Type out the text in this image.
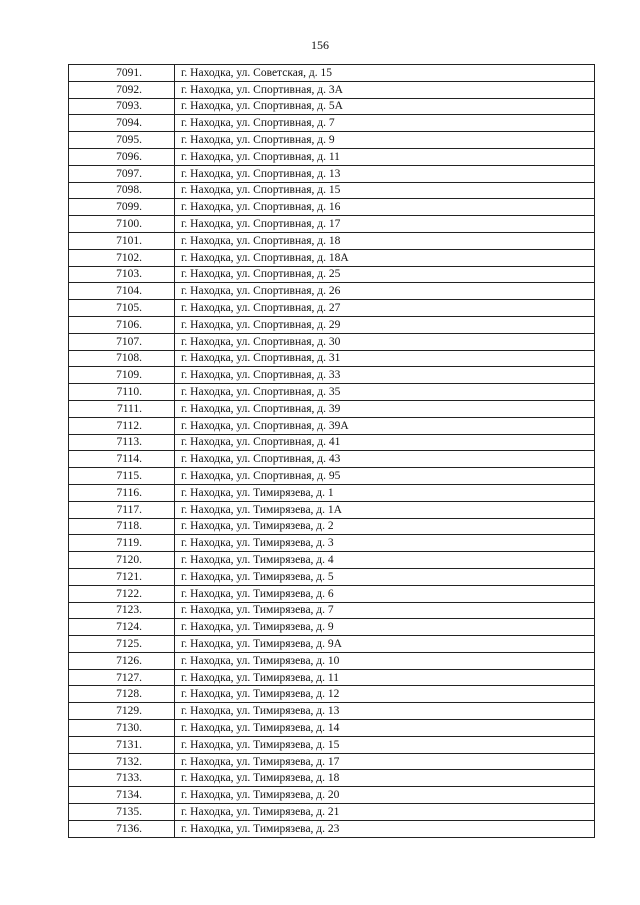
156
7091.	г. Находка, ул. Советская, д. 15
7092.	г. Находка, ул. Спортивная, д. 3А
7093.	г. Находка, ул. Спортивная, д. 5А
7094.	г. Находка, ул. Спортивная, д. 7
7095.	г. Находка, ул. Спортивная, д. 9
7096.	г. Находка, ул. Спортивная, д. 11
7097.	г. Находка, ул. Спортивная, д. 13
7098.	г. Находка, ул. Спортивная, д. 15
7099.	г. Находка, ул. Спортивная, д. 16
7100.	г. Находка, ул. Спортивная, д. 17
7101.	г. Находка, ул. Спортивная, д. 18
7102.	г. Находка, ул. Спортивная, д. 18А
7103.	г. Находка, ул. Спортивная, д. 25
7104.	г. Находка, ул. Спортивная, д. 26
7105.	г. Находка, ул. Спортивная, д. 27
7106.	г. Находка, ул. Спортивная, д. 29
7107.	г. Находка, ул. Спортивная, д. 30
7108.	г. Находка, ул. Спортивная, д. 31
7109.	г. Находка, ул. Спортивная, д. 33
7110.	г. Находка, ул. Спортивная, д. 35
7111.	г. Находка, ул. Спортивная, д. 39
7112.	г. Находка, ул. Спортивная, д. 39А
7113.	г. Находка, ул. Спортивная, д. 41
7114.	г. Находка, ул. Спортивная, д. 43
7115.	г. Находка, ул. Спортивная, д. 95
7116.	г. Находка, ул. Тимирязева, д. 1
7117.	г. Находка, ул. Тимирязева, д. 1А
7118.	г. Находка, ул. Тимирязева, д. 2
7119.	г. Находка, ул. Тимирязева, д. 3
7120.	г. Находка, ул. Тимирязева, д. 4
7121.	г. Находка, ул. Тимирязева, д. 5
7122.	г. Находка, ул. Тимирязева, д. 6
7123.	г. Находка, ул. Тимирязева, д. 7
7124.	г. Находка, ул. Тимирязева, д. 9
7125.	г. Находка, ул. Тимирязева, д. 9А
7126.	г. Находка, ул. Тимирязева, д. 10
7127.	г. Находка, ул. Тимирязева, д. 11
7128.	г. Находка, ул. Тимирязева, д. 12
7129.	г. Находка, ул. Тимирязева, д. 13
7130.	г. Находка, ул. Тимирязева, д. 14
7131.	г. Находка, ул. Тимирязева, д. 15
7132.	г. Находка, ул. Тимирязева, д. 17
7133.	г. Находка, ул. Тимирязева, д. 18
7134.	г. Находка, ул. Тимирязева, д. 20
7135.	г. Находка, ул. Тимирязева, д. 21
7136.	г. Находка, ул. Тимирязева, д. 23
